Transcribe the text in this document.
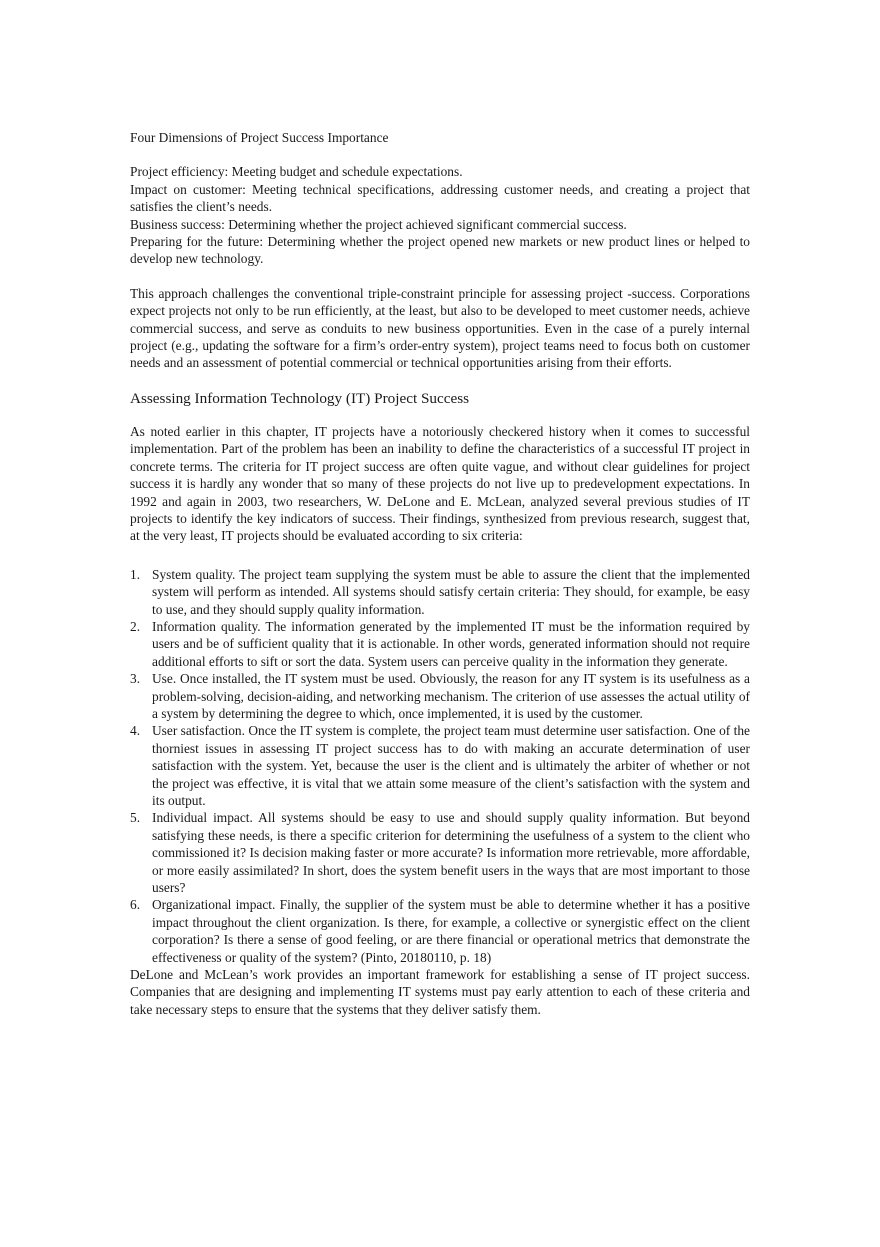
Four Dimensions of Project Success Importance

Project efficiency: Meeting budget and schedule expectations.

Impact on customer: Meeting technical specifications, addressing customer needs, and creating a project that satisfies the client’s needs.

Business success: Determining whether the project achieved significant commercial success.

Preparing for the future: Determining whether the project opened new markets or new product lines or helped to develop new technology.

This approach challenges the conventional triple-constraint principle for assessing project -success. Corporations expect projects not only to be run efficiently, at the least, but also to be developed to meet customer needs, achieve commercial success, and serve as conduits to new business opportunities. Even in the case of a purely internal project (e.g., updating the software for a firm’s order-entry system), project teams need to focus both on customer needs and an assessment of potential commercial or technical opportunities arising from their efforts.

Assessing Information Technology (IT) Project Success

As noted earlier in this chapter, IT projects have a notoriously checkered history when it comes to successful implementation. Part of the problem has been an inability to define the characteristics of a successful IT project in concrete terms. The criteria for IT project success are often quite vague, and without clear guidelines for project success it is hardly any wonder that so many of these projects do not live up to predevelopment expectations. In 1992 and again in 2003, two researchers, W. DeLone and E. McLean, analyzed several previous studies of IT projects to identify the key indicators of success. Their findings, synthesized from previous research, suggest that, at the very least, IT projects should be evaluated according to six criteria:

1. System quality. The project team supplying the system must be able to assure the client that the implemented system will perform as intended. All systems should satisfy certain criteria: They should, for example, be easy to use, and they should supply quality information.
2. Information quality. The information generated by the implemented IT must be the information required by users and be of sufficient quality that it is actionable. In other words, generated information should not require additional efforts to sift or sort the data. System users can perceive quality in the information they generate.
3. Use. Once installed, the IT system must be used. Obviously, the reason for any IT system is its usefulness as a problem-solving, decision-aiding, and networking mechanism. The criterion of use assesses the actual utility of a system by determining the degree to which, once implemented, it is used by the customer.
4. User satisfaction. Once the IT system is complete, the project team must determine user satisfaction. One of the thorniest issues in assessing IT project success has to do with making an accurate determination of user satisfaction with the system. Yet, because the user is the client and is ultimately the arbiter of whether or not the project was effective, it is vital that we attain some measure of the client’s satisfaction with the system and its output.
5. Individual impact. All systems should be easy to use and should supply quality information. But beyond satisfying these needs, is there a specific criterion for determining the usefulness of a system to the client who commissioned it? Is decision making faster or more accurate? Is information more retrievable, more affordable, or more easily assimilated? In short, does the system benefit users in the ways that are most important to those users?
6. Organizational impact. Finally, the supplier of the system must be able to determine whether it has a positive impact throughout the client organization. Is there, for example, a collective or synergistic effect on the client corporation? Is there a sense of good feeling, or are there financial or operational metrics that demonstrate the effectiveness or quality of the system? (Pinto, 20180110, p. 18)

DeLone and McLean’s work provides an important framework for establishing a sense of IT project success. Companies that are designing and implementing IT systems must pay early attention to each of these criteria and take necessary steps to ensure that the systems that they deliver satisfy them.
